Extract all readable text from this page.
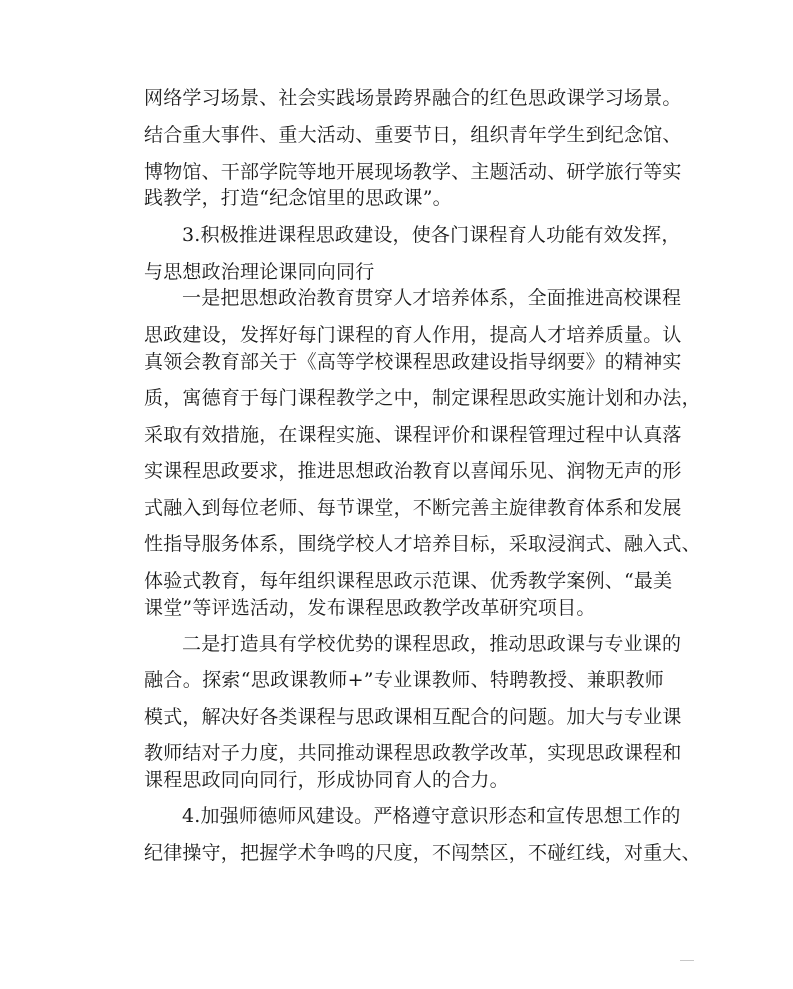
网络学习场景、社会实践场景跨界融合的红色思政课学习场景。

结合重大事件、重大活动、重要节日，组织青年学生到纪念馆、

博物馆、干部学院等地开展现场教学、主题活动、研学旅行等实

践教学，打造“纪念馆里的思政课”。

3.积极推进课程思政建设，使各门课程育人功能有效发挥，

与思想政治理论课同向同行

一是把思想政治教育贯穿人才培养体系，全面推进高校课程

思政建设，发挥好每门课程的育人作用，提高人才培养质量。认

真领会教育部关于《高等学校课程思政建设指导纲要》的精神实

质，寓德育于每门课程教学之中，制定课程思政实施计划和办法，

采取有效措施，在课程实施、课程评价和课程管理过程中认真落

实课程思政要求，推进思想政治教育以喜闻乐见、润物无声的形

式融入到每位老师、每节课堂，不断完善主旋律教育体系和发展

性指导服务体系，围绕学校人才培养目标，采取浸润式、融入式、

体验式教育，每年组织课程思政示范课、优秀教学案例、“最美

课堂”等评选活动，发布课程思政教学改革研究项目。

二是打造具有学校优势的课程思政，推动思政课与专业课的

融合。探索“思政课教师+”专业课教师、特聘教授、兼职教师

模式，解决好各类课程与思政课相互配合的问题。加大与专业课

教师结对子力度，共同推动课程思政教学改革，实现思政课程和

课程思政同向同行，形成协同育人的合力。

4.加强师德师风建设。严格遵守意识形态和宣传思想工作的

纪律操守，把握学术争鸣的尺度，不闯禁区，不碰红线，对重大、
